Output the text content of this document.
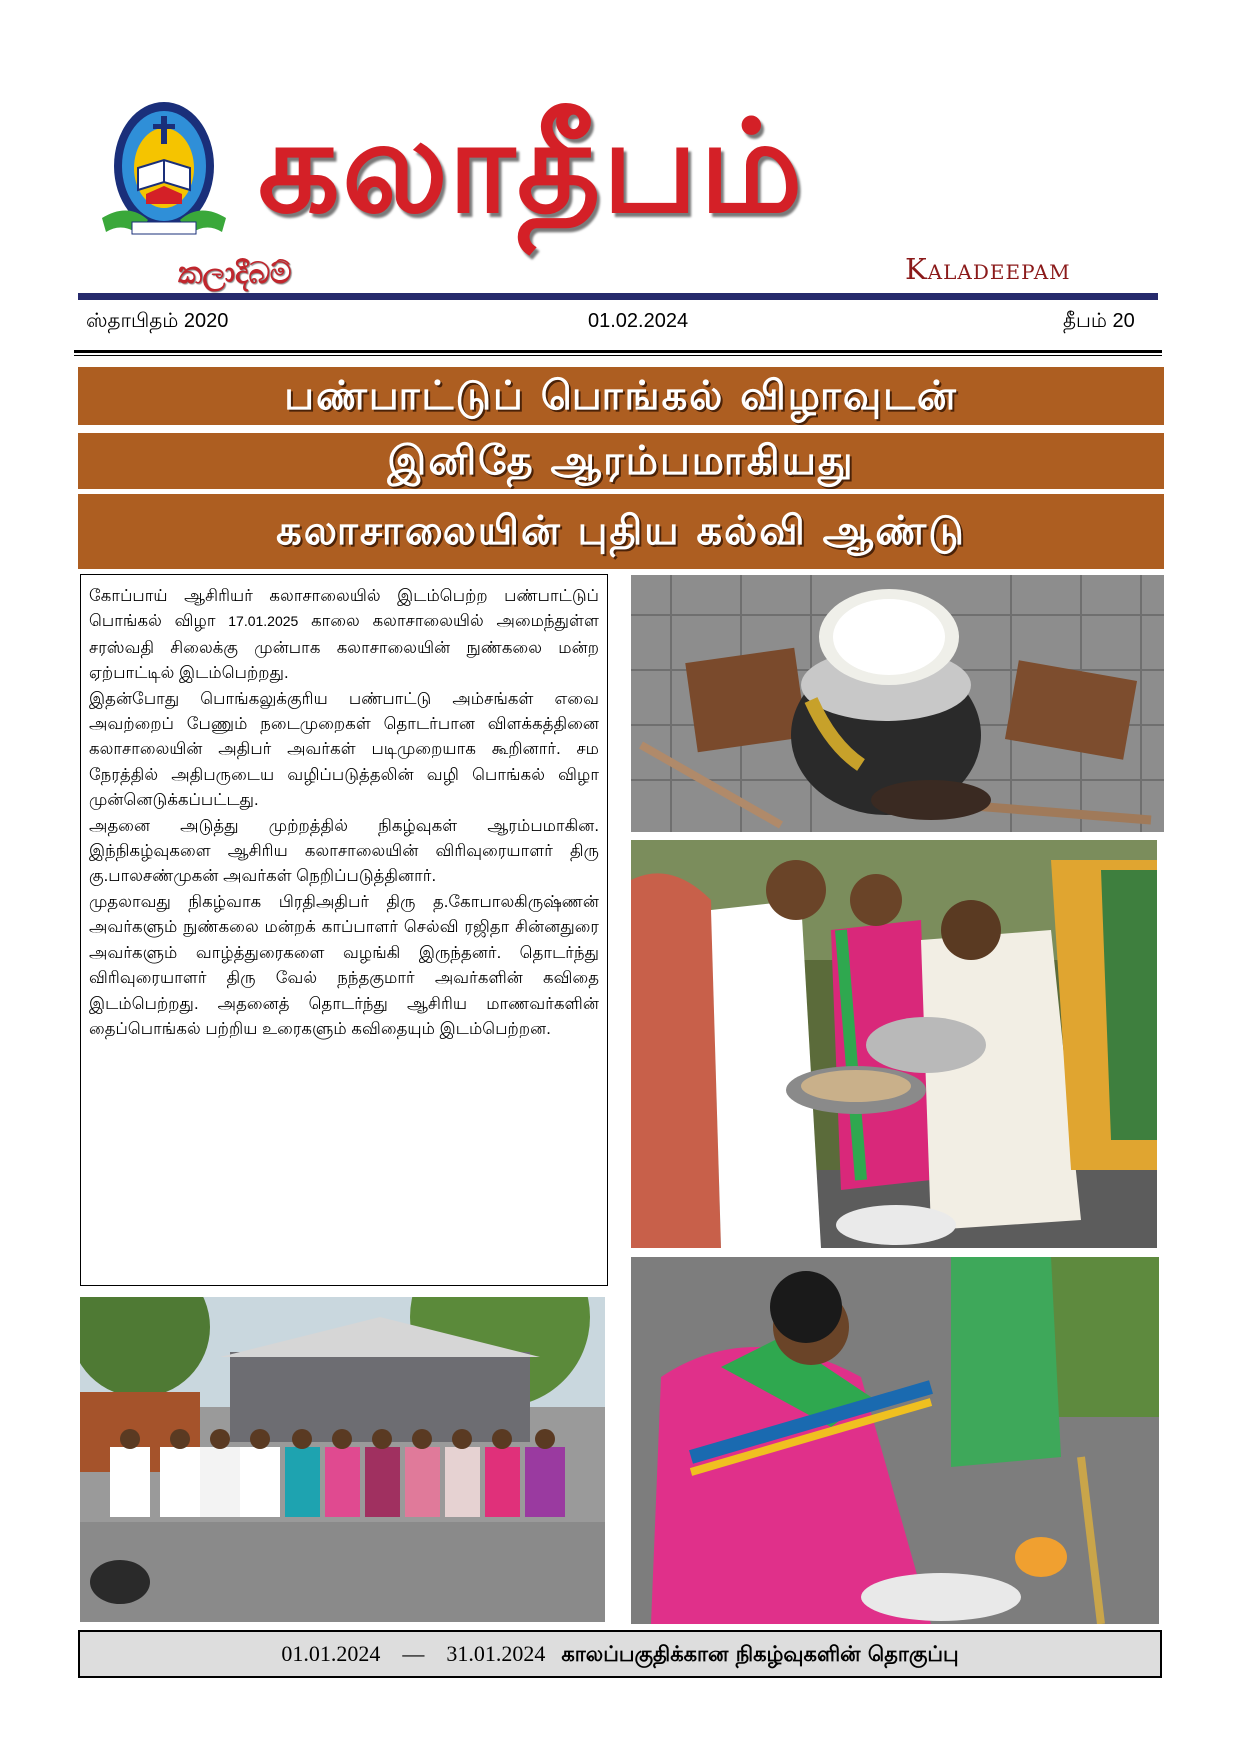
கலாதீபம்
කලාදීබම්	Kaladeepam
ஸ்தாபிதம் 2020	01.02.2024	தீபம் 20
பண்பாட்டுப் பொங்கல் விழாவுடன்
இனிதே ஆரம்பமாகியது
கலாசாலையின் புதிய கல்வி ஆண்டு

கோப்பாய் ஆசிரியர் கலாசாலையில் இடம்பெற்ற பண்பாட்டுப் பொங்கல் விழா 17.01.2025 காலை கலாசாலையில் அமைந்துள்ள சரஸ்வதி சிலைக்கு முன்பாக கலாசாலையின் நுண்கலை மன்ற ஏற்பாட்டில் இடம்பெற்றது.

இதன்போது பொங்கலுக்குரிய பண்பாட்டு அம்சங்கள் எவை அவற்றைப் பேணும் நடைமுறைகள் தொடர்பான விளக்கத்தினை கலாசாலையின் அதிபர் அவர்கள் படிமுறையாக கூறினார். சம நேரத்தில் அதிபருடைய வழிப்படுத்தலின் வழி பொங்கல் விழா முன்னெடுக்கப்பட்டது.

அதனை அடுத்து முற்றத்தில் நிகழ்வுகள் ஆரம்பமாகின. இந்நிகழ்வுகளை ஆசிரிய கலாசாலையின் விரிவுரையாளர் திரு கு.பாலசண்முகன் அவர்கள் நெறிப்படுத்தினார்.

முதலாவது நிகழ்வாக பிரதிஅதிபர் திரு த.கோபாலகிருஷ்ணன் அவர்களும் நுண்கலை மன்றக் காப்பாளர் செல்வி ரஜிதா சின்னதுரை அவர்களும் வாழ்த்துரைகளை வழங்கி இருந்தனர். தொடர்ந்து விரிவுரையாளர் திரு வேல் நந்தகுமார் அவர்களின் கவிதை இடம்பெற்றது. அதனைத் தொடர்ந்து ஆசிரிய மாணவர்களின் தைப்பொங்கல் பற்றிய உரைகளும் கவிதையும் இடம்பெற்றன.

01.01.2024 — 31.01.2024 காலப்பகுதிக்கான நிகழ்வுகளின் தொகுப்பு
